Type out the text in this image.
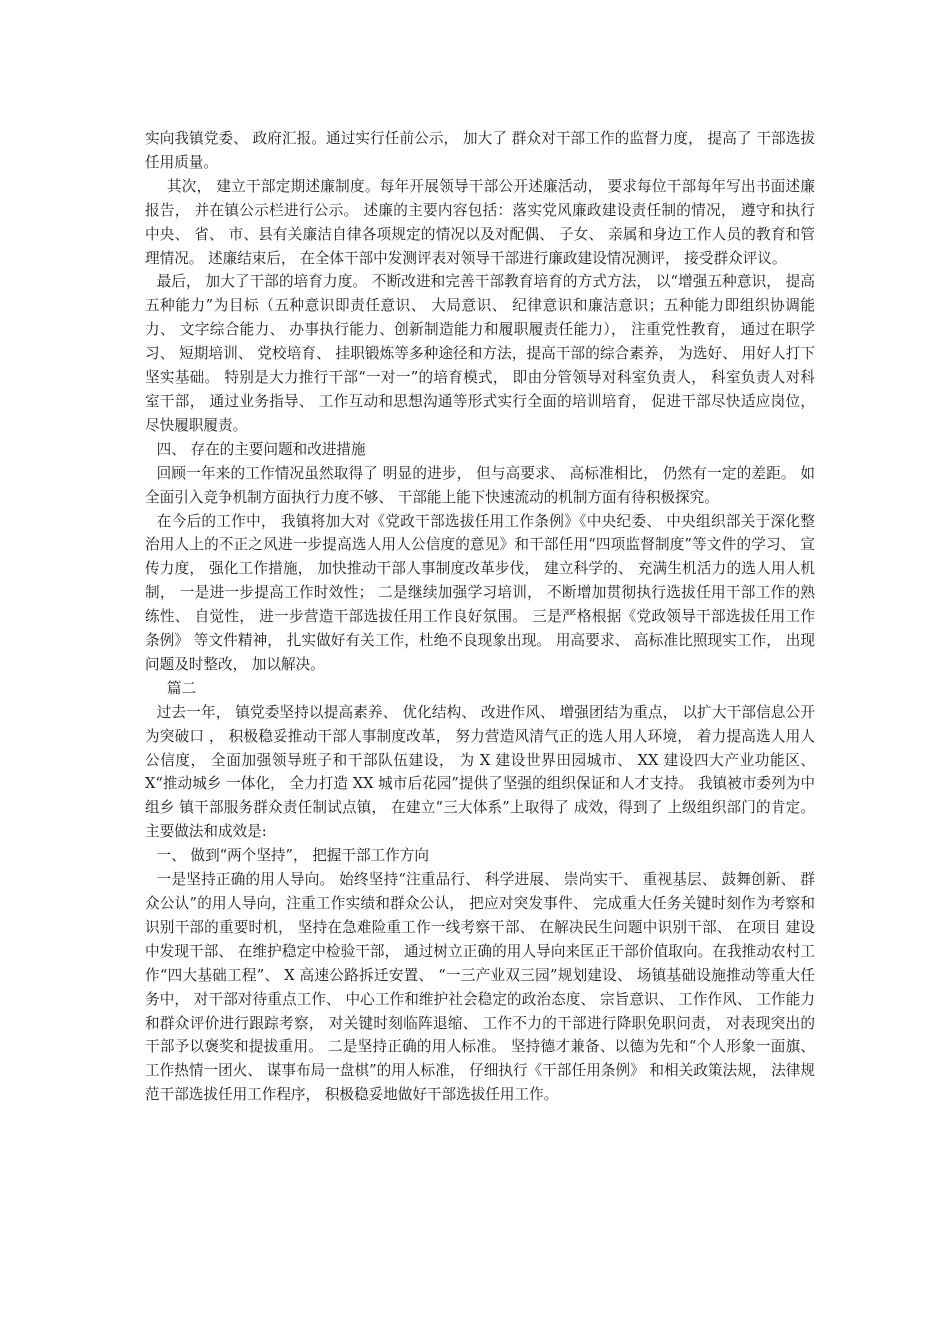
实向我镇党委、 政府汇报。通过实行任前公示， 加大了 群众对干部工作的监督力度， 提高了 干部选拔任用质量。

其次， 建立干部定期述廉制度。每年开展领导干部公开述廉活动， 要求每位干部每年写出书面述廉报告， 并在镇公示栏进行公示。 述廉的主要内容包括：落实党风廉政建设责任制的情况， 遵守和执行中央、 省、 市、县有关廉洁自律各项规定的情况以及对配偶、 子女、 亲属和身边工作人员的教育和管理情况。 述廉结束后， 在全体干部中发测评表对领导干部进行廉政建设情况测评， 接受群众评议。

最后， 加大了干部的培育力度。 不断改进和完善干部教育培育的方式方法， 以“增强五种意识， 提高五种能力”为目标（五种意识即责任意识、 大局意识、 纪律意识和廉洁意识；五种能力即组织协调能力、 文字综合能力、 办事执行能力、创新制造能力和履职履责任能力）， 注重党性教育， 通过在职学习、 短期培训、 党校培育、 挂职锻炼等多种途径和方法，提高干部的综合素养， 为选好、 用好人打下坚实基础。 特别是大力推行干部“一对一”的培育模式， 即由分管领导对科室负责人， 科室负责人对科室干部， 通过业务指导、 工作互动和思想沟通等形式实行全面的培训培育， 促进干部尽快适应岗位， 尽快履职履责。

四、 存在的主要问题和改进措施

回顾一年来的工作情况虽然取得了 明显的进步， 但与高要求、 高标准相比， 仍然有一定的差距。 如全面引入竞争机制方面执行力度不够、 干部能上能下快速流动的机制方面有待积极探究。

在今后的工作中， 我镇将加大对《党政干部选拔任用工作条例》《中央纪委、 中央组织部关于深化整治用人上的不正之风进一步提高选人用人公信度的意见》和干部任用“四项监督制度”等文件的学习、 宣传力度， 强化工作措施， 加快推动干部人事制度改革步伐， 建立科学的、 充满生机活力的选人用人机制， 一是进一步提高工作时效性； 二是继续加强学习培训， 不断增加贯彻执行选拔任用干部工作的熟练性、 自觉性， 进一步营造干部选拔任用工作良好氛围。 三是严格根据《党政领导干部选拔任用工作条例》 等文件精神， 扎实做好有关工作，杜绝不良现象出现。 用高要求、 高标准比照现实工作， 出现问题及时整改， 加以解决。

篇二

过去一年， 镇党委坚持以提高素养、 优化结构、 改进作风、 增强团结为重点， 以扩大干部信息公开为突破口 ， 积极稳妥推动干部人事制度改革， 努力营造风清气正的选人用人环境， 着力提高选人用人公信度， 全面加强领导班子和干部队伍建设， 为 X 建设世界田园城市、 XX 建设四大产业功能区、 X“推动城乡 一体化， 全力打造 XX 城市后花园”提供了坚强的组织保证和人才支持。 我镇被市委列为中组乡 镇干部服务群众责任制试点镇， 在建立“三大体系”上取得了 成效，得到了 上级组织部门的肯定。 主要做法和成效是:

一、 做到“两个坚持”， 把握干部工作方向

一是坚持正确的用人导向。 始终坚持“注重品行、 科学进展、 崇尚实干、 重视基层、 鼓舞创新、 群众公认”的用人导向，注重工作实绩和群众公认， 把应对突发事件、 完成重大任务关键时刻作为考察和识别干部的重要时机， 坚持在急难险重工作一线考察干部、 在解决民生问题中识别干部、 在项目 建设中发现干部、 在维护稳定中检验干部， 通过树立正确的用人导向来匡正干部价值取向。在我推动农村工作“四大基础工程”、 X 高速公路拆迁安置、 “一三产业双三园”规划建设、 场镇基础设施推动等重大任务中， 对干部对待重点工作、 中心工作和维护社会稳定的政治态度、 宗旨意识、 工作作风、 工作能力和群众评价进行跟踪考察， 对关键时刻临阵退缩、 工作不力的干部进行降职免职问责， 对表现突出的干部予以褒奖和提拔重用。 二是坚持正确的用人标准。 坚持德才兼备、以德为先和“个人形象一面旗、 工作热情一团火、 谋事布局一盘棋”的用人标准， 仔细执行《干部任用条例》 和相关政策法规， 法律规范干部选拔任用工作程序， 积极稳妥地做好干部选拔任用工作。
